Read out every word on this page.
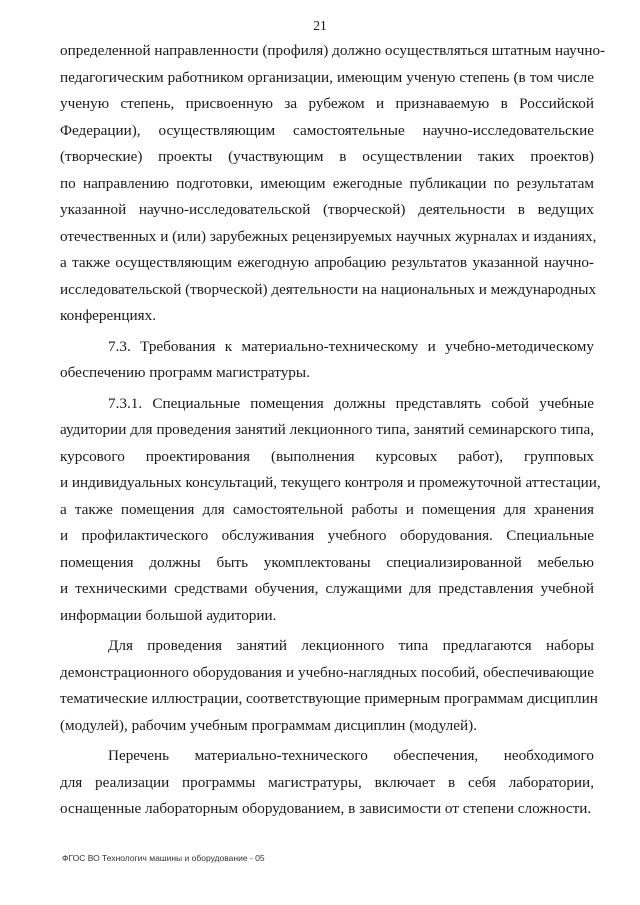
21
определенной направленности (профиля) должно осуществляться штатным научно-
педагогическим работником организации, имеющим ученую степень (в том числе
ученую степень, присвоенную за рубежом и признаваемую в Российской
Федерации), осуществляющим самостоятельные научно-исследовательские
(творческие) проекты (участвующим в осуществлении таких проектов)
по направлению подготовки, имеющим ежегодные публикации по результатам
указанной научно-исследовательской (творческой) деятельности в ведущих
отечественных и (или) зарубежных рецензируемых научных журналах и изданиях,
а также осуществляющим ежегодную апробацию результатов указанной научно-
исследовательской (творческой) деятельности на национальных и международных
конференциях.
7.3. Требования к материально-техническому и учебно-методическому
обеспечению программ магистратуры.
7.3.1. Специальные помещения должны представлять собой учебные
аудитории для проведения занятий лекционного типа, занятий семинарского типа,
курсового проектирования (выполнения курсовых работ), групповых
и индивидуальных консультаций, текущего контроля и промежуточной аттестации,
а также помещения для самостоятельной работы и помещения для хранения
и профилактического обслуживания учебного оборудования. Специальные
помещения должны быть укомплектованы специализированной мебелью
и техническими средствами обучения, служащими для представления учебной
информации большой аудитории.
Для проведения занятий лекционного типа предлагаются наборы
демонстрационного оборудования и учебно-наглядных пособий, обеспечивающие
тематические иллюстрации, соответствующие примерным программам дисциплин
(модулей), рабочим учебным программам дисциплин (модулей).
Перечень материально-технического обеспечения, необходимого
для реализации программы магистратуры, включает в себя лаборатории,
оснащенные лабораторным оборудованием, в зависимости от степени сложности.
ФГОС ВО Технологич машины и оборудование - 05
